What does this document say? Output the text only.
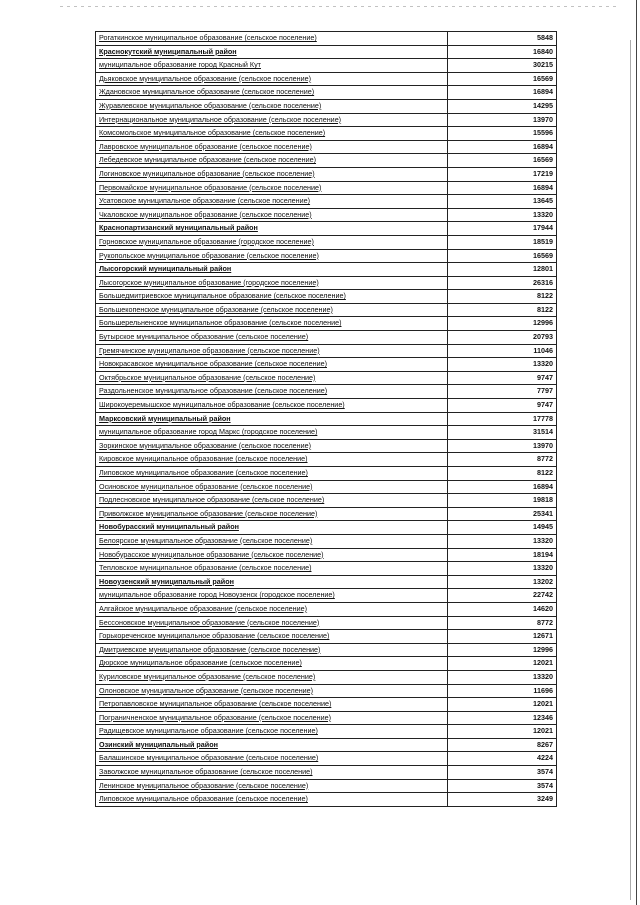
Рогаткинское муниципальное образование (сельское поселение)	5848
Краснокутский муниципальный район	16840
муниципальное образование город Красный Кут	30215
Дьяковское муниципальное образование (сельское поселение)	16569
Ждановское муниципальное образование (сельское поселение)	16894
Журавлевское муниципальное образование (сельское поселение)	14295
Интернациональное муниципальное образование (сельское поселение)	13970
Комсомольское муниципальное образование (сельское поселение)	15596
Лавровское муниципальное образование (сельское поселение)	16894
Лебедевское муниципальное образование (сельское поселение)	16569
Логиновское муниципальное образование (сельское поселение)	17219
Первомайское муниципальное образование (сельское поселение)	16894
Усатовское муниципальное образование (сельское поселение)	13645
Чкаловское муниципальное образование (сельское поселение)	13320
Краснопартизанский муниципальный район	17944
Горновское муниципальное образование (городское поселение)	18519
Рукопольское муниципальное образование (сельское поселение)	16569
Лысогорский муниципальный район	12801
Лысогорское муниципальное образование (городское поселение)	26316
Большедмитриевское муниципальное образование (сельское поселение)	8122
Большекопенское муниципальное образование (сельское поселение)	8122
Большерельненское муниципальное образование (сельское поселение)	12996
Бутырское муниципальное образование (сельское поселение)	20793
Гремячинское муниципальное образование (сельское поселение)	11046
Новокрасавское муниципальное образование (сельское поселение)	13320
Октябрьское муниципальное образование (сельское поселение)	9747
Раздольненское муниципальное образование (сельское поселение)	7797
Широкоуеремышское муниципальное образование (сельское поселение)	9747
Марксовский муниципальный район	17778
муниципальное образование город Маркс (городское поселение)	31514
Зоркинское муниципальное образование (сельское поселение)	13970
Кировское муниципальное образование (сельское поселение)	8772
Липовское муниципальное образование (сельское поселение)	8122
Осиновское муниципальное образование (сельское поселение)	16894
Подлесновское муниципальное образование (сельское поселение)	19818
Приволжское муниципальное образование (сельское поселение)	25341
Новобурасский муниципальный район	14945
Белоярское муниципальное образование (сельское поселение)	13320
Новобурасское муниципальное образование (сельское поселение)	18194
Тепловское муниципальное образование (сельское поселение)	13320
Новоузенский муниципальный район	13202
муниципальное образование город Новоузенск (городское поселение)	22742
Алгайское муниципальное образование (сельское поселение)	14620
Бессоновское муниципальное образование (сельское поселение)	8772
Горькореченское муниципальное образование (сельское поселение)	12671
Дмитриевское муниципальное образование (сельское поселение)	12996
Дюрское муниципальное образование (сельское поселение)	12021
Куриловское муниципальное образование (сельское поселение)	13320
Олоновское муниципальное образование (сельское поселение)	11696
Петропавловское муниципальное образование (сельское поселение)	12021
Пограничненское муниципальное образование (сельское поселение)	12346
Радищевское муниципальное образование (сельское поселение)	12021
Озинский муниципальный район	8267
Балашинское муниципальное образование (сельское поселение)	4224
Заволжское муниципальное образование (сельское поселение)	3574
Ленинское муниципальное образование (сельское поселение)	3574
Липовское муниципальное образование (сельское поселение)	3249
